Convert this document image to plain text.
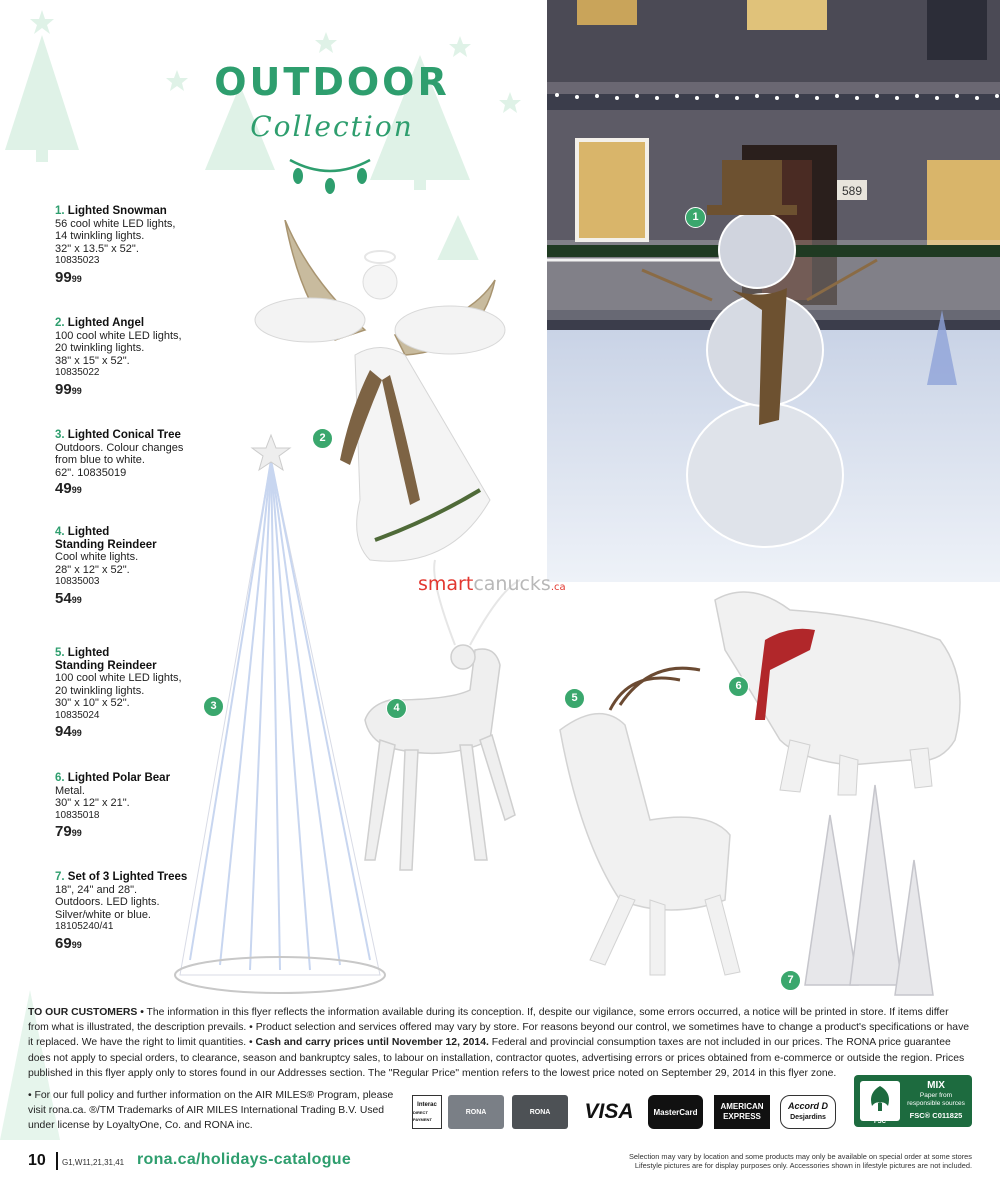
OUTDOOR
Collection
1. Lighted Snowman
56 cool white LED lights,
14 twinkling lights.
32" x 13.5" x 52".
10835023
$99^{99}$
2. Lighted Angel
100 cool white LED lights,
20 twinkling lights.
38" x 15" x 52".
10835022
$99^{99}$
3. Lighted Conical Tree
Outdoors. Colour changes
from blue to white.
62". 10835019
$49^{99}$
4. Lighted
Standing Reindeer
Cool white lights.
28" x 12" x 52".
10835003
$54^{99}$
5. Lighted
Standing Reindeer
100 cool white LED lights,
20 twinkling lights.
30" x 10" x 52".
10835024
$94^{99}$
6. Lighted Polar Bear
Metal.
30" x 12" x 21".
10835018
$79^{99}$
7. Set of 3 Lighted Trees
18", 24" and 28".
Outdoors. LED lights.
Silver/white or blue.
18105240/41
$69^{99}$
589
1
2
3	4
5
6
7
smartcanucks.ca
TO OUR CUSTOMERS • The information in this flyer reflects the information available during its conception. If, despite our vigilance, some errors occurred, a notice will be printed in store. If items differ from what is illustrated, the description prevails. • Product selection and services offered may vary by store. For reasons beyond our control, we sometimes have to change a product's specifications or have it replaced. We have the right to limit quantities. • Cash and carry prices until November 12, 2014. Federal and provincial consumption taxes are not included in our prices. The RONA price guarantee does not apply to special orders, to clearance, season and bankruptcy sales, to labour on installation, contractor quotes, advertising errors or prices obtained from e-commerce or outside the region. Prices published in this flyer apply only to stores found in our Addresses section. The "Regular Price" mention refers to the lowest price noted on September 29, 2014 in this flyer zone.
• For our full policy and further information on the AIR MILES® Program, please visit rona.ca. ®/TM Trademarks of AIR MILES International Trading B.V. Used under license by LoyaltyOne, Co. and RONA inc.
Interac
DIRECT PAYMENT
RONA	RONA VISA MasterCard
AMERICAN
EXPRESS
Accord D
Desjardins
FSC
MIX
Paper from
responsible sources
FSC® C011825
10 G1,W11,21,31,41 rona.ca/holidays-catalogue	Selection may vary by location and some products may only be available on special order at some stores
Lifestyle pictures are for display purposes only. Accessories shown in lifestyle pictures are not included.
